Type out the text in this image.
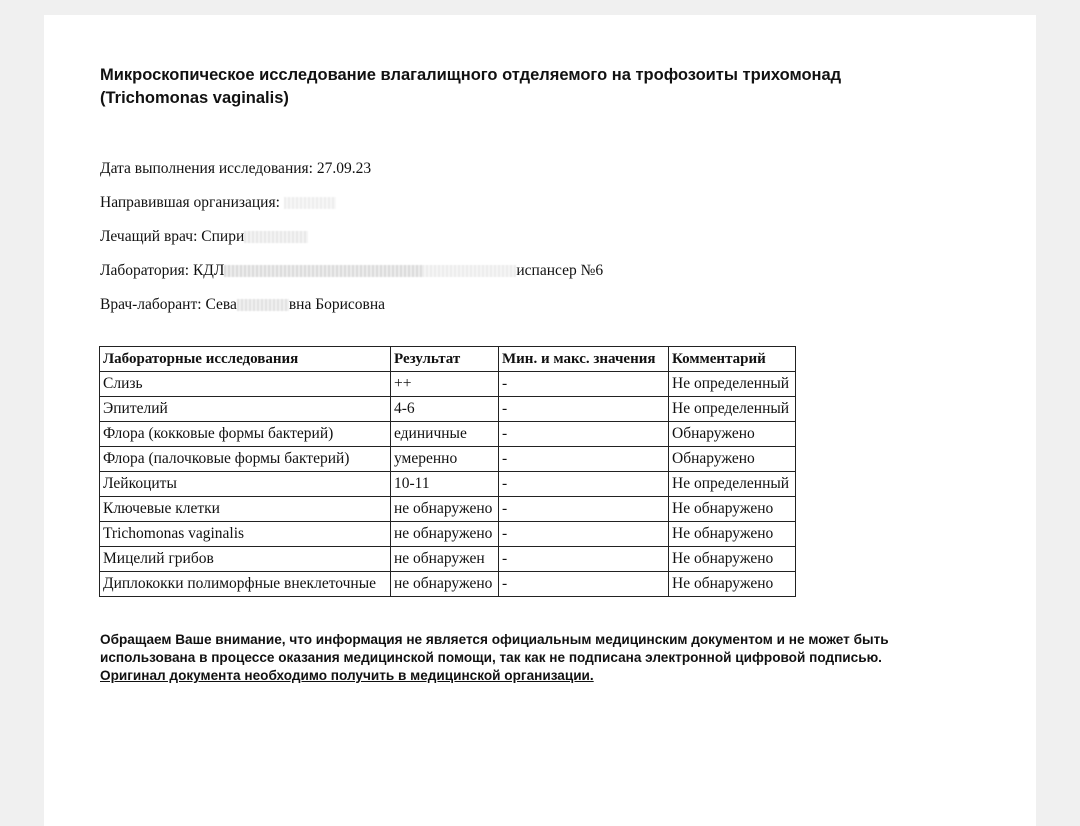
Микроскопическое исследование влагалищного отделяемого на трофозоиты трихомонад (Trichomonas vaginalis)
Дата выполнения исследования: 27.09.23
Направившая организация:
Лечащий врач: Спири
Лаборатория: КДЛ	испансер №6
Врач-лаборант: Сева	вна Борисовна
Лабораторные исследования	Результат	Мин. и макс. значения	Комментарий
Слизь	++	-	Не определенный
Эпителий	4-6	-	Не определенный
Флора (кокковые формы бактерий)	единичные	-	Обнаружено
Флора (палочковые формы бактерий)	умеренно	-	Обнаружено
Лейкоциты	10-11	-	Не определенный
Ключевые клетки	не обнаружено	-	Не обнаружено
Trichomonas vaginalis	не обнаружено	-	Не обнаружено
Мицелий грибов	не обнаружен	-	Не обнаружено
Диплококки полиморфные внеклеточные	не обнаружено	-	Не обнаружено
Обращаем Ваше внимание, что информация не является официальным медицинским документом и не может быть использована в процессе оказания медицинской помощи, так как не подписана электронной цифровой подписью.
Оригинал документа необходимо получить в медицинской организации.
